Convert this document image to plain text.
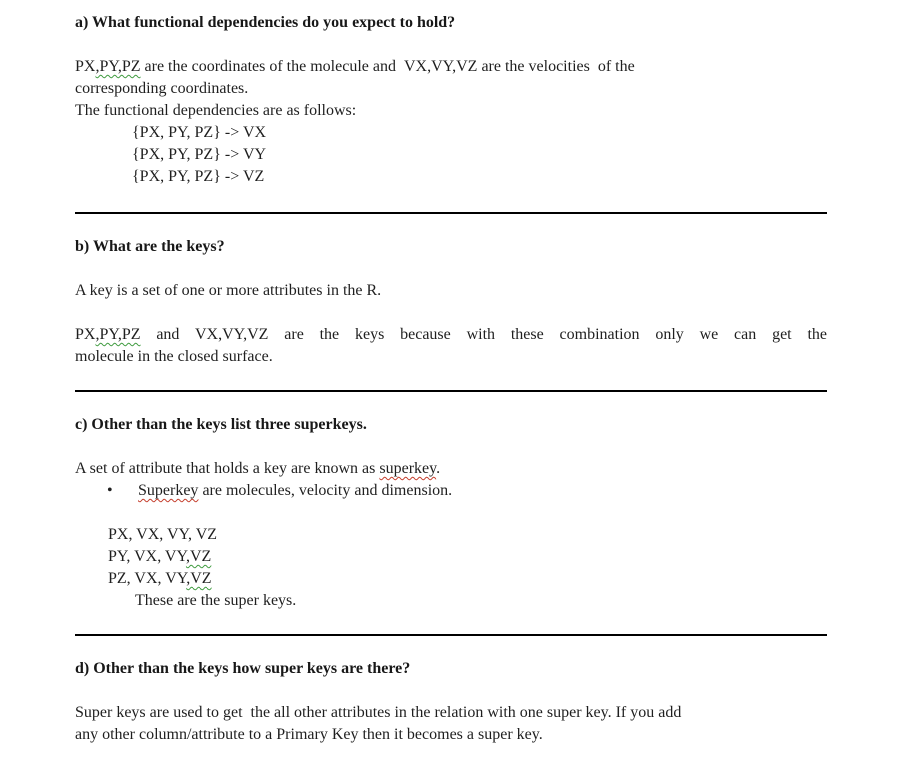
a) What functional dependencies do you expect to hold?

PX,PY,PZ are the coordinates of the molecule and  VX,VY,VZ are the velocities  of the
corresponding coordinates.
The functional dependencies are as follows:

{PX, PY, PZ} -> VX
{PX, PY, PZ} -> VY
{PX, PY, PZ} -> VZ
b) What are the keys?

A key is a set of one or more attributes in the R.

PX,PY,PZ and VX,VY,VZ are the keys because with these combination only we can get the
molecule in the closed surface.

c) Other than the keys list three superkeys.

A set of attribute that holds a key are known as superkey.
• Superkey are molecules, velocity and dimension.

PX, VX, VY, VZ
PY, VX, VY,VZ
PZ, VX, VY,VZ
These are the super keys.
d) Other than the keys how super keys are there?

Super keys are used to get  the all other attributes in the relation with one super key. If you add
any other column/attribute to a Primary Key then it becomes a super key.
